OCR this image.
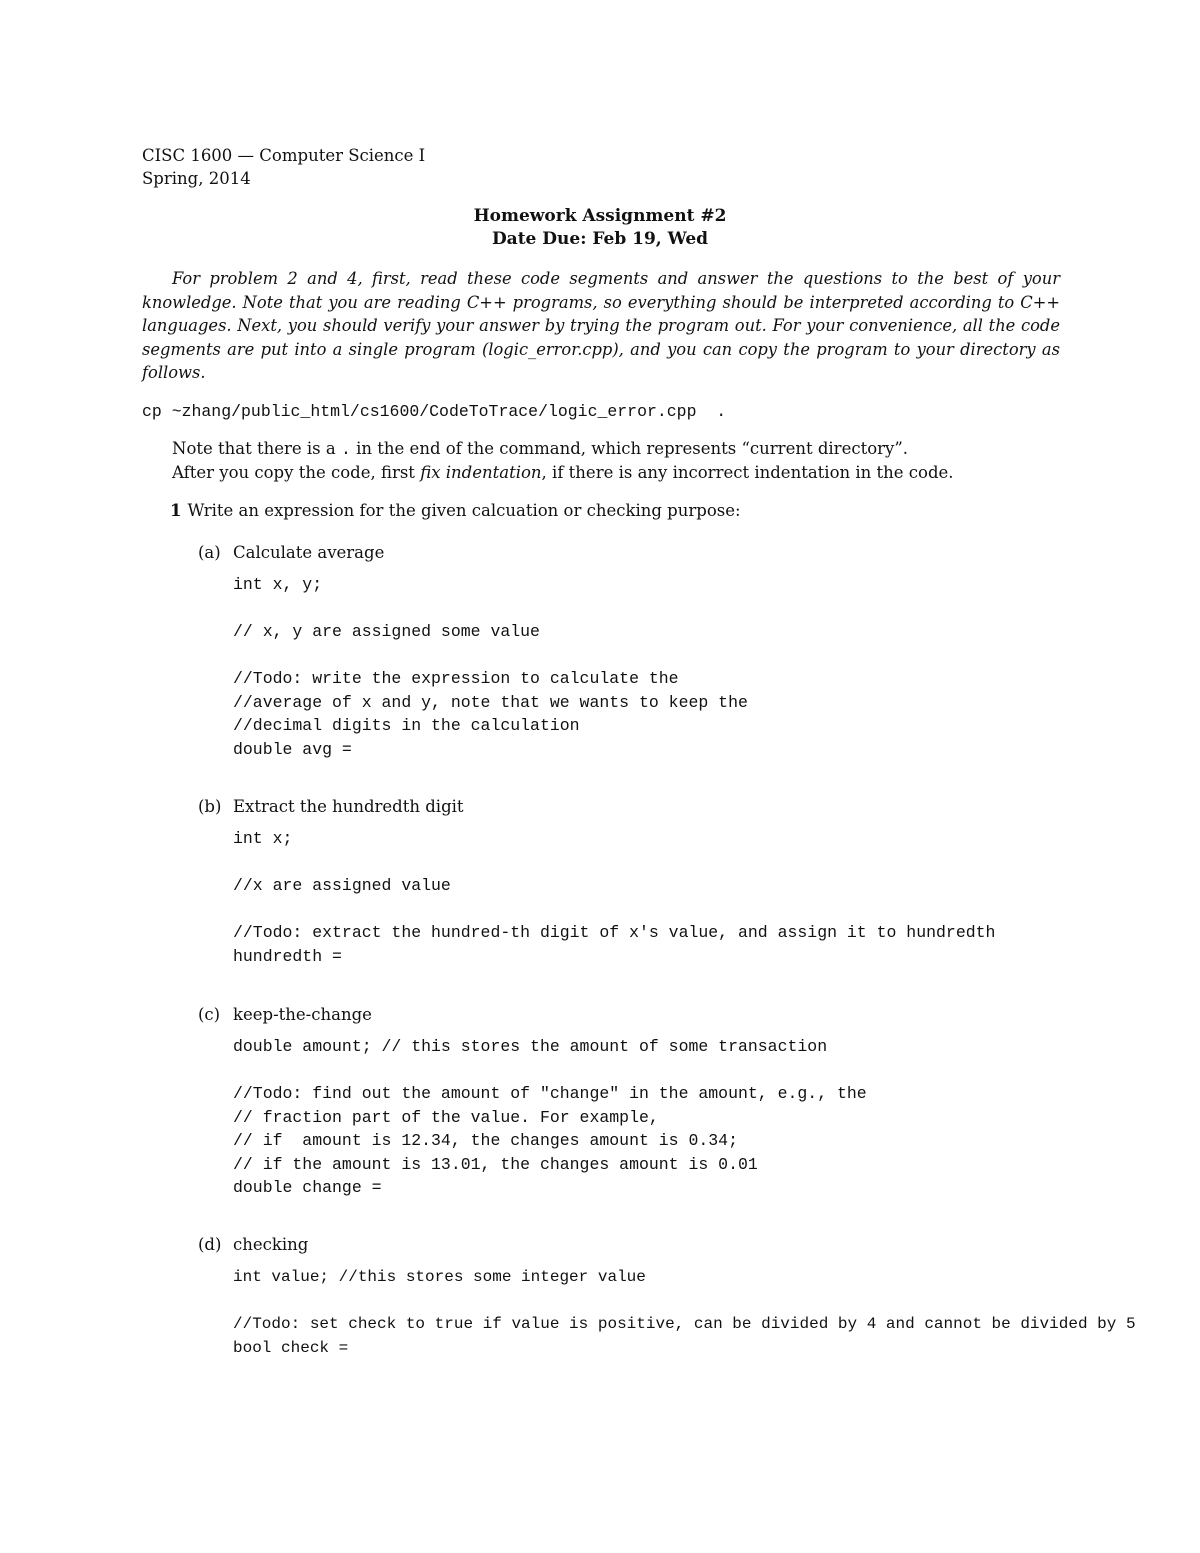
CISC 1600 — Computer Science I
Spring, 2014
Homework Assignment #2
Date Due: Feb 19, Wed
For problem 2 and 4, first, read these code segments and answer the questions to the best of your knowledge. Note that you are reading C++ programs, so everything should be interpreted according to C++ languages. Next, you should verify your answer by trying the program out. For your convenience, all the code segments are put into a single program (logic_error.cpp), and you can copy the program to your directory as follows.
cp ~zhang/public_html/cs1600/CodeToTrace/logic_error.cpp  .
Note that there is a . in the end of the command, which represents “current directory”.
After you copy the code, first fix indentation, if there is any incorrect indentation in the code.
1 Write an expression for the given calcuation or checking purpose:
(a) Calculate average
int x, y;

// x, y are assigned some value

//Todo: write the expression to calculate the
//average of x and y, note that we wants to keep the
//decimal digits in the calculation
double avg =
(b) Extract the hundredth digit
int x;

//x are assigned value

//Todo: extract the hundred-th digit of x's value, and assign it to hundredth
hundredth =
(c) keep-the-change
double amount; // this stores the amount of some transaction

//Todo: find out the amount of "change" in the amount, e.g., the
// fraction part of the value. For example,
// if  amount is 12.34, the changes amount is 0.34;
// if the amount is 13.01, the changes amount is 0.01
double change =
(d) checking
int value; //this stores some integer value

//Todo: set check to true if value is positive, can be divided by 4 and cannot be divided by 5
bool check =
